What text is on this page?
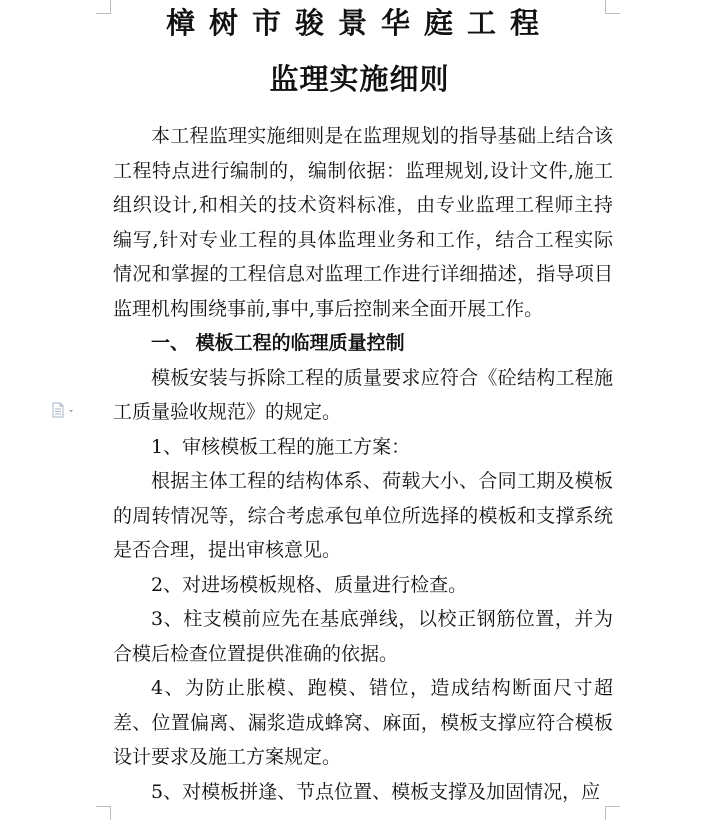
樟树市骏景华庭工程
监理实施细则

本工程监理实施细则是在监理规划的指导基础上结合该工程特点进行编制的，编制依据：监理规划,设计文件,施工组织设计,和相关的技术资料标准，由专业监理工程师主持编写,针对专业工程的具体监理业务和工作，结合工程实际情况和掌握的工程信息对监理工作进行详细描述，指导项目监理机构围绕事前,事中,事后控制来全面开展工作。

一、 模板工程的临理质量控制

模板安装与拆除工程的质量要求应符合《砼结构工程施工质量验收规范》的规定。

1、审核模板工程的施工方案：

根据主体工程的结构体系、荷载大小、合同工期及模板的周转情况等，综合考虑承包单位所选择的模板和支撑系统是否合理，提出审核意见。

2、对进场模板规格、质量进行检查。

3、柱支模前应先在基底弹线，以校正钢筋位置，并为合模后检查位置提供准确的依据。

4、为防止胀模、跑模、错位，造成结构断面尺寸超差、位置偏离、漏浆造成蜂窝、麻面，模板支撑应符合模板设计要求及施工方案规定。

5、对模板拼逢、节点位置、模板支撑及加固情况，应
